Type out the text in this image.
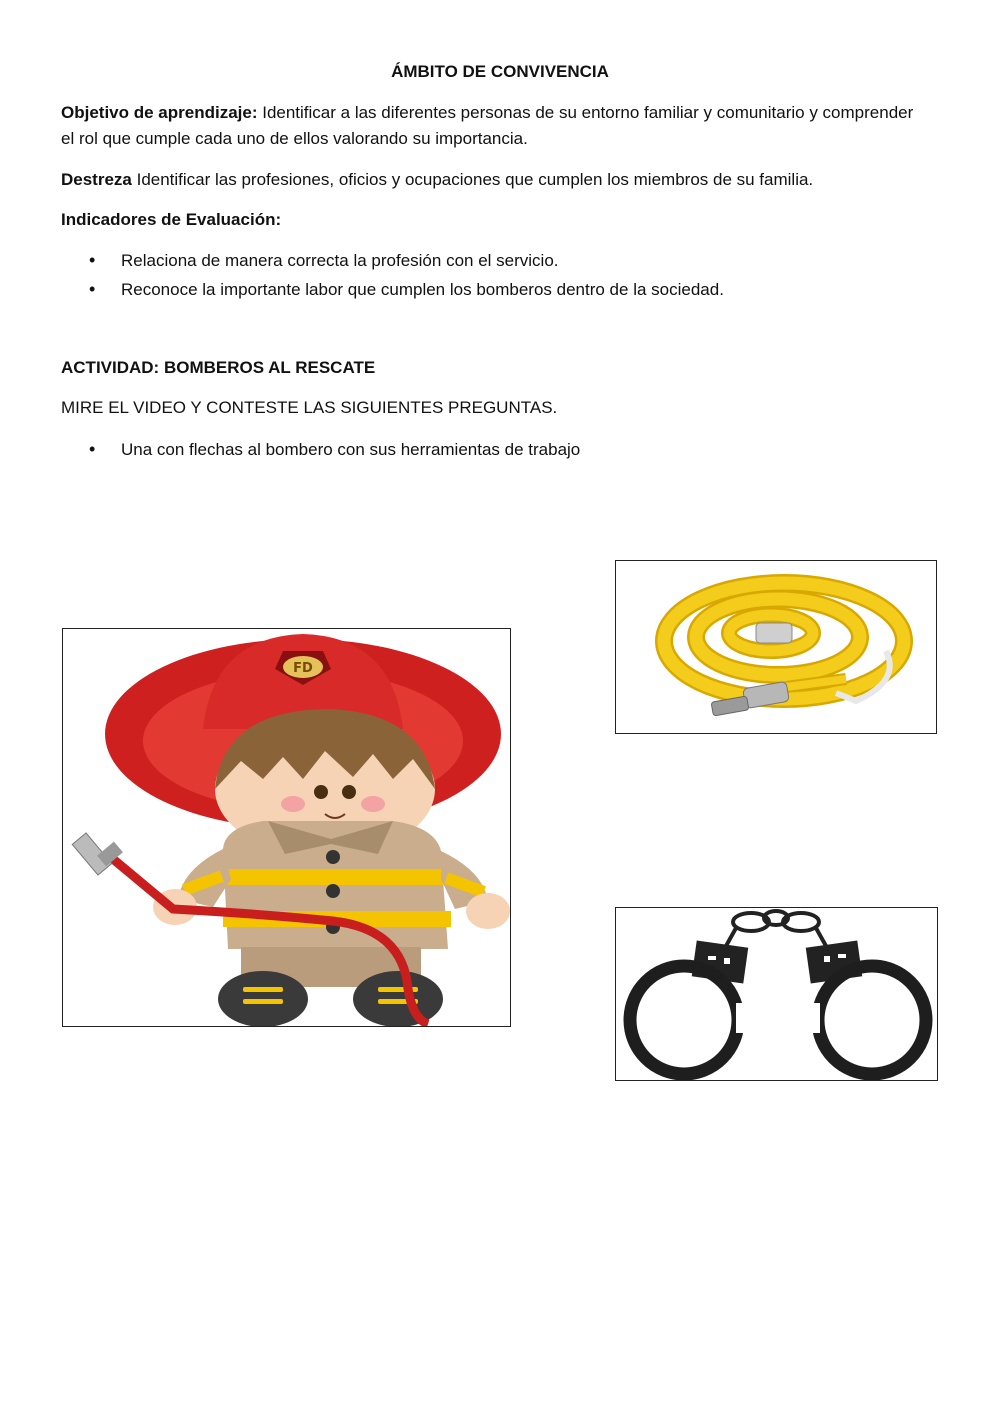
ÁMBITO DE CONVIVENCIA
Objetivo de aprendizaje: Identificar a las diferentes personas de su entorno familiar y comunitario y comprender el rol que cumple cada uno de ellos valorando su importancia.
Destreza Identificar las profesiones, oficios y ocupaciones que cumplen los miembros de su familia.
Indicadores de Evaluación:
• Relaciona de manera correcta la profesión con el servicio.
• Reconoce la importante labor que cumplen los bomberos dentro de la sociedad.
ACTIVIDAD: BOMBEROS AL RESCATE
MIRE EL VIDEO Y CONTESTE LAS SIGUIENTES PREGUNTAS.
• Una con flechas al bombero con sus herramientas de trabajo
FD
